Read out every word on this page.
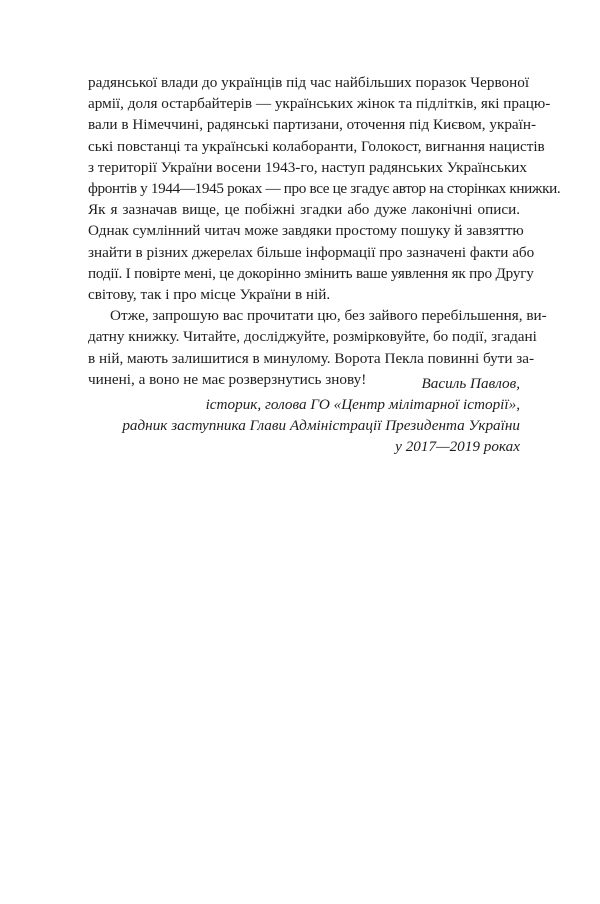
радянської влади до українців під час найбільших поразок Червоної
армії, доля остарбайтерів — українських жінок та підлітків, які працю-
вали в Німеччині, радянські партизани, оточення під Києвом, україн-
ські повстанці та українські колаборанти, Голокост, вигнання нацистів
з території України восени 1943-го, наступ радянських Українських
фронтів у 1944—1945 роках — про все це згадує автор на сторінках книжки.
Як я зазначав вище, це побіжні згадки або дуже лаконічні описи.
Однак сумлінний читач може завдяки простому пошуку й завзяттю
знайти в різних джерелах більше інформації про зазначені факти або
події. І повірте мені, це докорінно змінить ваше уявлення як про Другу
світову, так і про місце України в ній.
Отже, запрошую вас прочитати цю, без зайвого перебільшення, ви-
датну книжку. Читайте, досліджуйте, розмірковуйте, бо події, згадані
в ній, мають залишитися в минулому. Ворота Пекла повинні бути за-
чинені, а воно не має розверзнутись знову!	Василь Павлов,
історик, голова ГО «Центр мілітарної історії»,
радник заступника Глави Адміністрації Президента України
у 2017—2019 роках
